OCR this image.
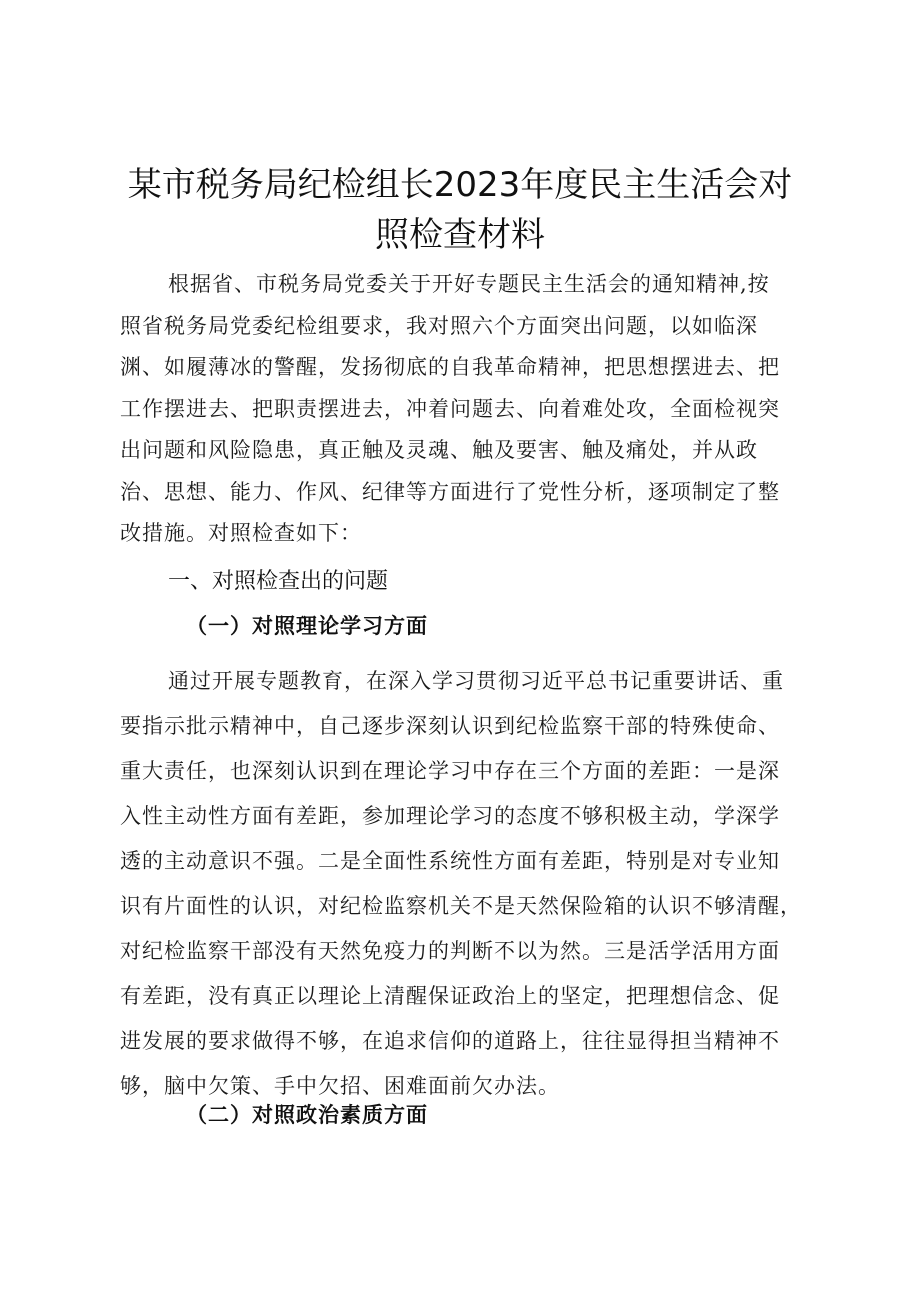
某市税务局纪检组长2023年度民主生活会对
照检查材料
根据省、市税务局党委关于开好专题民主生活会的通知精神,按
照省税务局党委纪检组要求，我对照六个方面突出问题，以如临深
渊、如履薄冰的警醒，发扬彻底的自我革命精神，把思想摆进去、把
工作摆进去、把职责摆进去，冲着问题去、向着难处攻，全面检视突
出问题和风险隐患，真正触及灵魂、触及要害、触及痛处，并从政
治、思想、能力、作风、纪律等方面进行了党性分析，逐项制定了整
改措施。对照检查如下：
一、对照检查出的问题
（一）对照理论学习方面
通过开展专题教育，在深入学习贯彻习近平总书记重要讲话、重
要指示批示精神中，自己逐步深刻认识到纪检监察干部的特殊使命、
重大责任，也深刻认识到在理论学习中存在三个方面的差距：一是深
入性主动性方面有差距，参加理论学习的态度不够积极主动，学深学
透的主动意识不强。二是全面性系统性方面有差距，特别是对专业知
识有片面性的认识，对纪检监察机关不是天然保险箱的认识不够清醒，
对纪检监察干部没有天然免疫力的判断不以为然。三是活学活用方面
有差距，没有真正以理论上清醒保证政治上的坚定，把理想信念、促
进发展的要求做得不够，在追求信仰的道路上，往往显得担当精神不
够，脑中欠策、手中欠招、困难面前欠办法。
（二）对照政治素质方面
